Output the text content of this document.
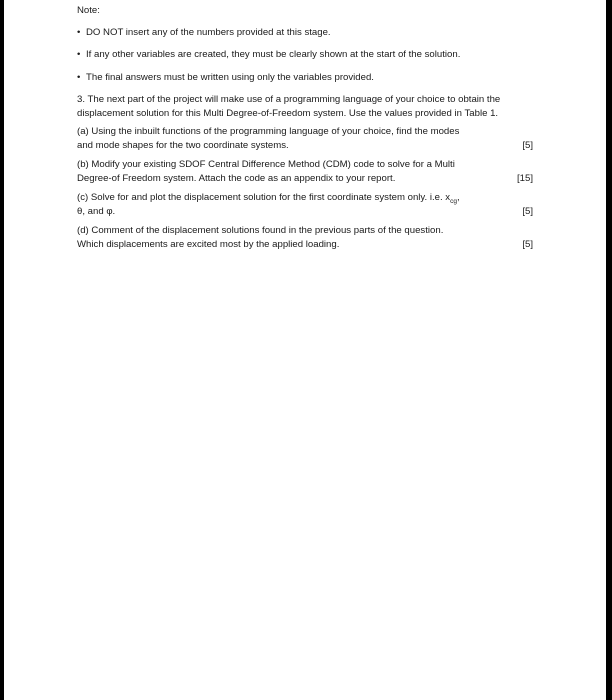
Note:
• DO NOT insert any of the numbers provided at this stage.
• If any other variables are created, they must be clearly shown at the start of the solution.
• The final answers must be written using only the variables provided.
3. The next part of the project will make use of a programming language of your choice to obtain the displacement solution for this Multi Degree-of-Freedom system. Use the values provided in Table 1.
(a) Using the inbuilt functions of the programming language of your choice, find the modes
and mode shapes for the two coordinate systems.	[5]
(b) Modify your existing SDOF Central Difference Method (CDM) code to solve for a Multi
Degree-of Freedom system. Attach the code as an appendix to your report.	[15]
(c) Solve for and plot the displacement solution for the first coordinate system only. i.e. $x_{cg}$,
θ, and φ.	[5]
(d) Comment of the displacement solutions found in the previous parts of the question.
Which displacements are excited most by the applied loading.	[5]
